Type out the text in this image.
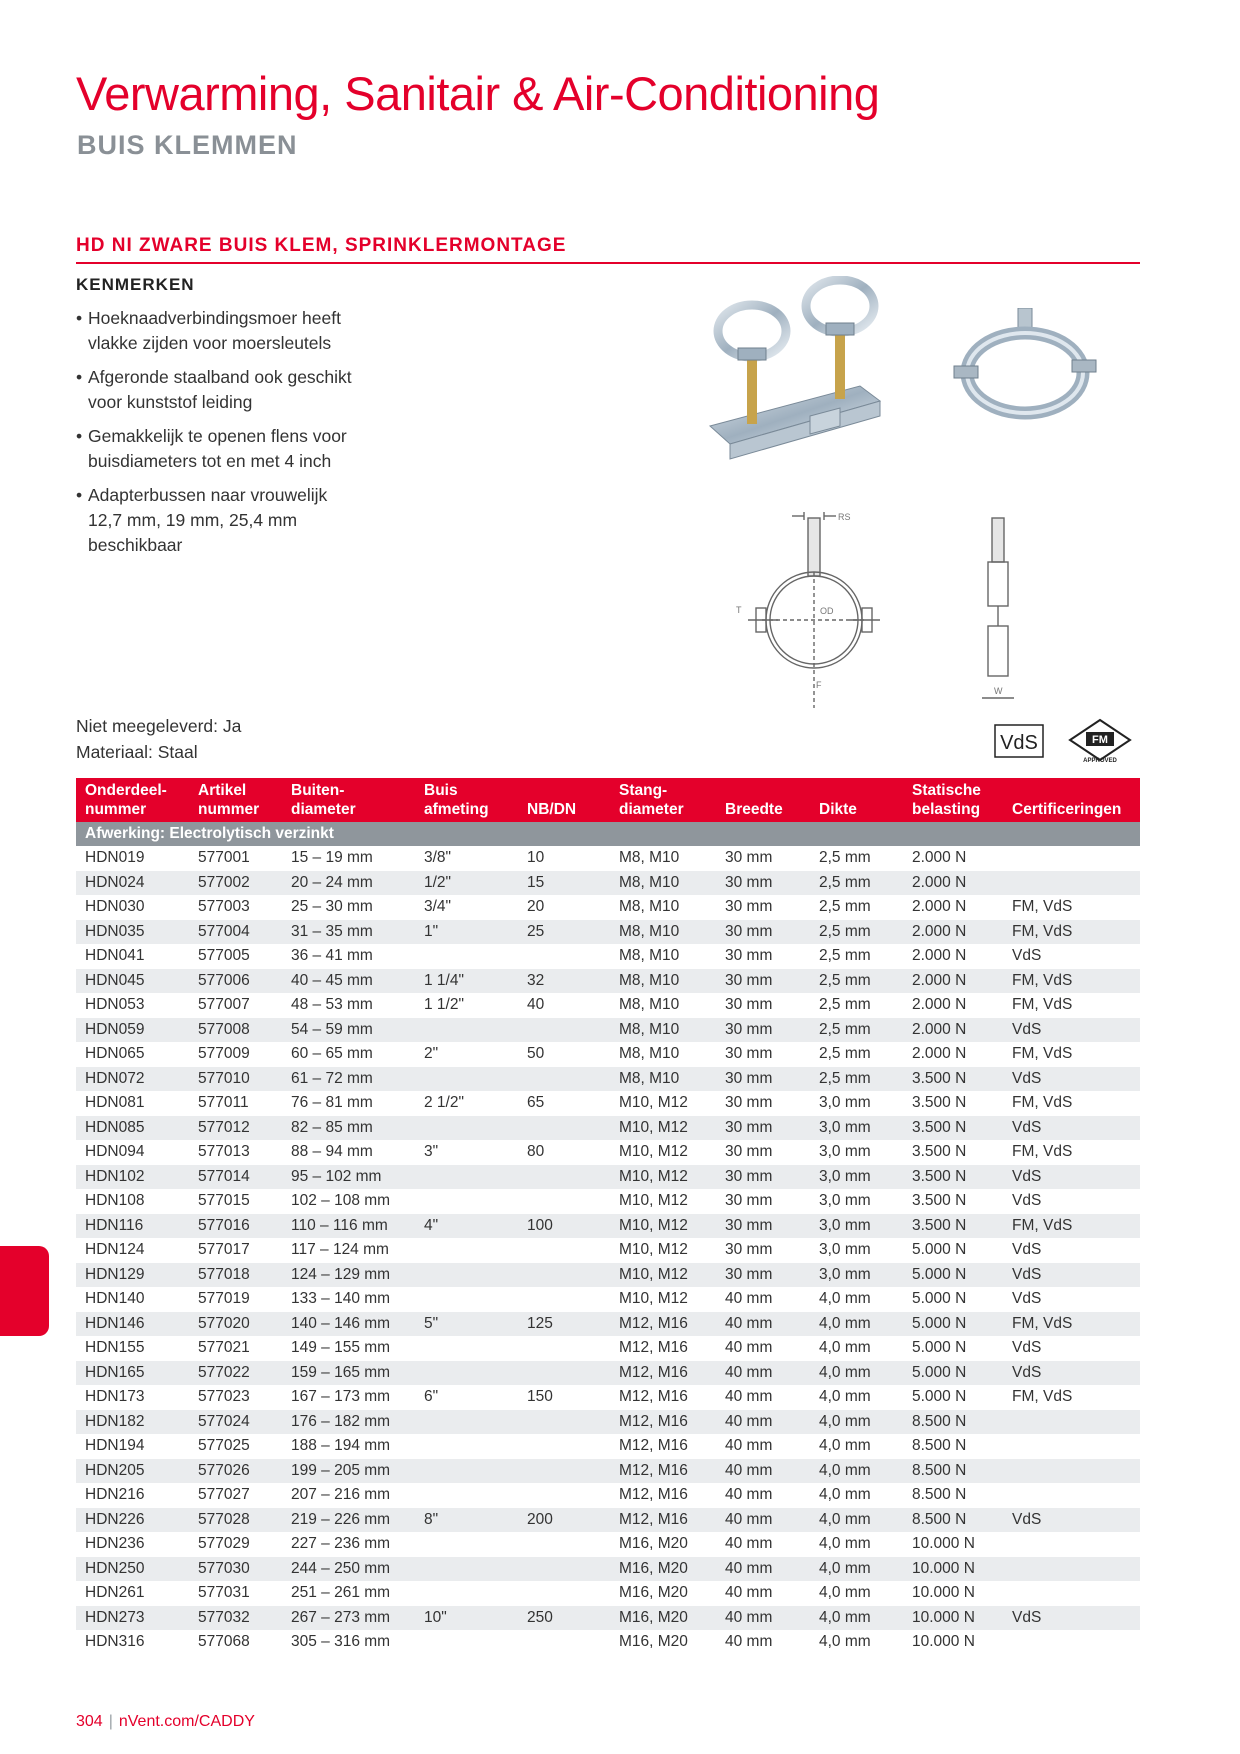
Verwarming, Sanitair & Air-Conditioning
BUIS KLEMMEN
HD NI ZWARE BUIS KLEM, SPRINKLERMONTAGE
KENMERKEN
• Hoeknaadverbindingsmoer heeft
vlakke zijden voor moersleutels
• Afgeronde staalband ook geschikt
voor kunststof leiding
• Gemakkelijk te openen flens voor
buisdiameters tot en met 4 inch
• Adapterbussen naar vrouwelijk
12,7 mm, 19 mm, 25,4 mm
beschikbaar
Niet meegeleverd: Ja
Materiaal: Staal
RS
T	OD
F
W
VdS	FM
APPROVED
Onderdeel-
nummer	Artikel
nummer	Buiten-
diameter	Buis
afmeting	NB/DN	Stang-
diameter	Breedte	Dikte	Statische
belasting	Certificeringen
Afwerking: Electrolytisch verzinkt									
HDN019	577001	15 – 19 mm	3/8"	10	M8, M10	30 mm	2,5 mm	2.000 N	
HDN024	577002	20 – 24 mm	1/2"	15	M8, M10	30 mm	2,5 mm	2.000 N	
HDN030	577003	25 – 30 mm	3/4"	20	M8, M10	30 mm	2,5 mm	2.000 N	FM, VdS
HDN035	577004	31 – 35 mm	1"	25	M8, M10	30 mm	2,5 mm	2.000 N	FM, VdS
HDN041	577005	36 – 41 mm			M8, M10	30 mm	2,5 mm	2.000 N	VdS
HDN045	577006	40 – 45 mm	1 1/4"	32	M8, M10	30 mm	2,5 mm	2.000 N	FM, VdS
HDN053	577007	48 – 53 mm	1 1/2"	40	M8, M10	30 mm	2,5 mm	2.000 N	FM, VdS
HDN059	577008	54 – 59 mm			M8, M10	30 mm	2,5 mm	2.000 N	VdS
HDN065	577009	60 – 65 mm	2"	50	M8, M10	30 mm	2,5 mm	2.000 N	FM, VdS
HDN072	577010	61 – 72 mm			M8, M10	30 mm	2,5 mm	3.500 N	VdS
HDN081	577011	76 – 81 mm	2 1/2"	65	M10, M12	30 mm	3,0 mm	3.500 N	FM, VdS
HDN085	577012	82 – 85 mm			M10, M12	30 mm	3,0 mm	3.500 N	VdS
HDN094	577013	88 – 94 mm	3"	80	M10, M12	30 mm	3,0 mm	3.500 N	FM, VdS
HDN102	577014	95 – 102 mm			M10, M12	30 mm	3,0 mm	3.500 N	VdS
HDN108	577015	102 – 108 mm			M10, M12	30 mm	3,0 mm	3.500 N	VdS
HDN116	577016	110 – 116 mm	4"	100	M10, M12	30 mm	3,0 mm	3.500 N	FM, VdS
HDN124	577017	117 – 124 mm			M10, M12	30 mm	3,0 mm	5.000 N	VdS
HDN129	577018	124 – 129 mm			M10, M12	30 mm	3,0 mm	5.000 N	VdS
HDN140	577019	133 – 140 mm			M10, M12	40 mm	4,0 mm	5.000 N	VdS
HDN146	577020	140 – 146 mm	5"	125	M12, M16	40 mm	4,0 mm	5.000 N	FM, VdS
HDN155	577021	149 – 155 mm			M12, M16	40 mm	4,0 mm	5.000 N	VdS
HDN165	577022	159 – 165 mm			M12, M16	40 mm	4,0 mm	5.000 N	VdS
HDN173	577023	167 – 173 mm	6"	150	M12, M16	40 mm	4,0 mm	5.000 N	FM, VdS
HDN182	577024	176 – 182 mm			M12, M16	40 mm	4,0 mm	8.500 N	
HDN194	577025	188 – 194 mm			M12, M16	40 mm	4,0 mm	8.500 N	
HDN205	577026	199 – 205 mm			M12, M16	40 mm	4,0 mm	8.500 N	
HDN216	577027	207 – 216 mm			M12, M16	40 mm	4,0 mm	8.500 N	
HDN226	577028	219 – 226 mm	8"	200	M12, M16	40 mm	4,0 mm	8.500 N	VdS
HDN236	577029	227 – 236 mm			M16, M20	40 mm	4,0 mm	10.000 N	
HDN250	577030	244 – 250 mm			M16, M20	40 mm	4,0 mm	10.000 N	
HDN261	577031	251 – 261 mm			M16, M20	40 mm	4,0 mm	10.000 N	
HDN273	577032	267 – 273 mm	10"	250	M16, M20	40 mm	4,0 mm	10.000 N	VdS
HDN316	577068	305 – 316 mm			M16, M20	40 mm	4,0 mm	10.000 N	
304 | nVent.com/CADDY
